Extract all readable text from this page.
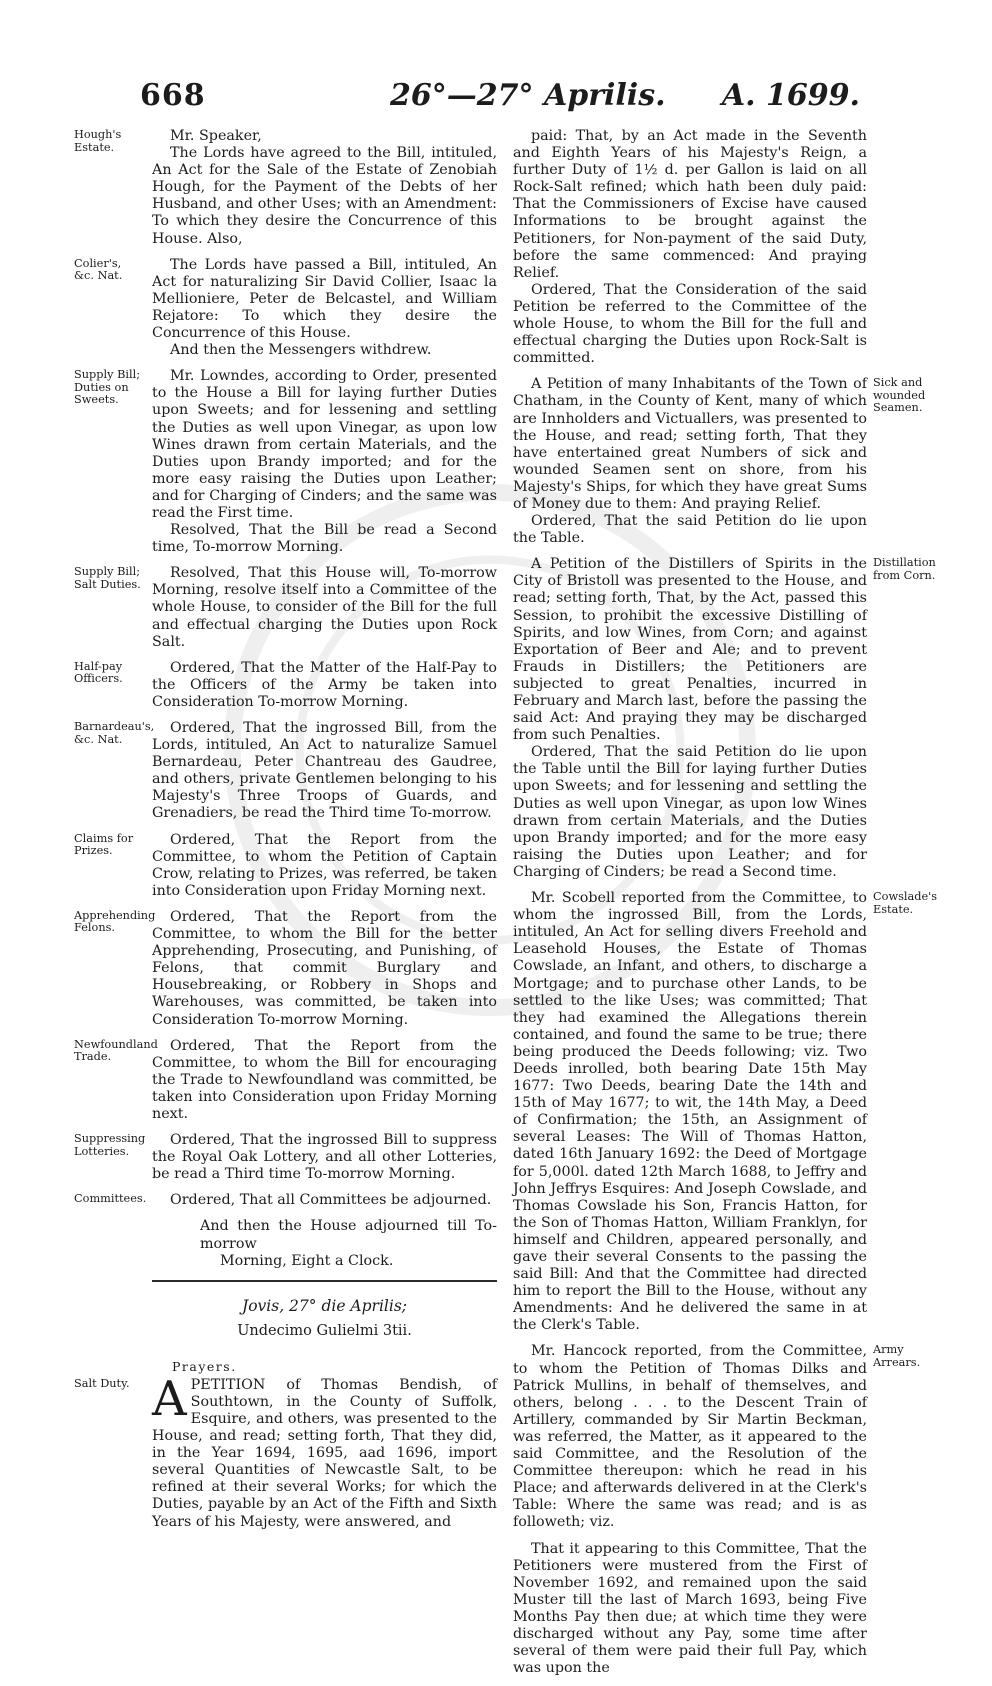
668	26°—27° Aprilis. A. 1699.
Hough's Estate.

Mr. Speaker,

The Lords have agreed to the Bill, intituled, An Act for the Sale of the Estate of Zenobiah Hough, for the Payment of the Debts of her Husband, and other Uses; with an Amendment: To which they desire the Concurrence of this House. Also,

Colier's, &c. Nat.

The Lords have passed a Bill, intituled, An Act for naturalizing Sir David Collier, Isaac la Mellioniere, Peter de Belcastel, and William Rejatore: To which they desire the Concurrence of this House.

And then the Messengers withdrew.

Supply Bill; Duties on Sweets.

Mr. Lowndes, according to Order, presented to the House a Bill for laying further Duties upon Sweets; and for lessening and settling the Duties as well upon Vinegar, as upon low Wines drawn from certain Materials, and the Duties upon Brandy imported; and for the more easy raising the Duties upon Leather; and for Charging of Cinders; and the same was read the First time.

Resolved, That the Bill be read a Second time, To-morrow Morning.

Supply Bill; Salt Duties.

Resolved, That this House will, To-morrow Morning, resolve itself into a Committee of the whole House, to consider of the Bill for the full and effectual charging the Duties upon Rock Salt.

Half-pay Officers.

Ordered, That the Matter of the Half-Pay to the Officers of the Army be taken into Consideration To-morrow Morning.

Barnardeau's, &c. Nat.

Ordered, That the ingrossed Bill, from the Lords, intituled, An Act to naturalize Samuel Bernardeau, Peter Chantreau des Gaudree, and others, private Gentlemen belonging to his Majesty's Three Troops of Guards, and Grenadiers, be read the Third time To-morrow.

Claims for Prizes.

Ordered, That the Report from the Committee, to whom the Petition of Captain Crow, relating to Prizes, was referred, be taken into Consideration upon Friday Morning next.

Apprehending Felons.

Ordered, That the Report from the Committee, to whom the Bill for the better Apprehending, Prosecuting, and Punishing, of Felons, that commit Burglary and Housebreaking, or Robbery in Shops and Warehouses, was committed, be taken into Consideration To-morrow Morning.

Newfoundland Trade.

Ordered, That the Report from the Committee, to whom the Bill for encouraging the Trade to Newfoundland was committed, be taken into Consideration upon Friday Morning next.

Suppressing Lotteries.

Ordered, That the ingrossed Bill to suppress the Royal Oak Lottery, and all other Lotteries, be read a Third time To-morrow Morning.

Committees.	Ordered, That all Committees be adjourned.

And then the House adjourned till To-morrow

Morning, Eight a Clock.

Jovis, 27° die Aprilis;

Undecimo Gulielmi 3tii.

Prayers.

Salt Duty. APETITION of Thomas Bendish, of Southtown, in the County of Suffolk, Esquire, and others, was presented to the House, and read; setting forth, That they did, in the Year 1694, 1695, aad 1696, import several Quantities of Newcastle Salt, to be refined at their several Works; for which the Duties, payable by an Act of the Fifth and Sixth Years of his Majesty, were answered, and

paid: That, by an Act made in the Seventh and Eighth Years of his Majesty's Reign, a further Duty of 1½ d. per Gallon is laid on all Rock-Salt refined; which hath been duly paid: That the Commissioners of Excise have caused Informations to be brought against the Petitioners, for Non-payment of the said Duty, before the same commenced: And praying Relief.

Ordered, That the Consideration of the said Petition be referred to the Committee of the whole House, to whom the Bill for the full and effectual charging the Duties upon Rock-Salt is committed.

Sick and wounded Seamen.

A Petition of many Inhabitants of the Town of Chatham, in the County of Kent, many of which are Innholders and Victuallers, was presented to the House, and read; setting forth, That they have entertained great Numbers of sick and wounded Seamen sent on shore, from his Majesty's Ships, for which they have great Sums of Money due to them: And praying Relief.

Ordered, That the said Petition do lie upon the Table.

Distillation from Corn.

A Petition of the Distillers of Spirits in the City of Bristoll was presented to the House, and read; setting forth, That, by the Act, passed this Session, to prohibit the excessive Distilling of Spirits, and low Wines, from Corn; and against Exportation of Beer and Ale; and to prevent Frauds in Distillers; the Petitioners are subjected to great Penalties, incurred in February and March last, before the passing the said Act: And praying they may be discharged from such Penalties.

Ordered, That the said Petition do lie upon the Table until the Bill for laying further Duties upon Sweets; and for lessening and settling the Duties as well upon Vinegar, as upon low Wines drawn from certain Materials, and the Duties upon Brandy imported; and for the more easy raising the Duties upon Leather; and for Charging of Cinders; be read a Second time.

Cowslade's Estate.

Mr. Scobell reported from the Committee, to whom the ingrossed Bill, from the Lords, intituled, An Act for selling divers Freehold and Leasehold Houses, the Estate of Thomas Cowslade, an Infant, and others, to discharge a Mortgage; and to purchase other Lands, to be settled to the like Uses; was committed; That they had examined the Allegations therein contained, and found the same to be true; there being produced the Deeds following; viz. Two Deeds inrolled, both bearing Date 15th May 1677: Two Deeds, bearing Date the 14th and 15th of May 1677; to wit, the 14th May, a Deed of Confirmation; the 15th, an Assignment of several Leases: The Will of Thomas Hatton, dated 16th January 1692: the Deed of Mortgage for 5,000l. dated 12th March 1688, to Jeffry and John Jeffrys Esquires: And Joseph Cowslade, and Thomas Cowslade his Son, Francis Hatton, for the Son of Thomas Hatton, William Franklyn, for himself and Children, appeared personally, and gave their several Consents to the passing the said Bill: And that the Committee had directed him to report the Bill to the House, without any Amendments: And he delivered the same in at the Clerk's Table.

Army Arrears.

Mr. Hancock reported, from the Committee, to whom the Petition of Thomas Dilks and Patrick Mullins, in behalf of themselves, and others, belong . . . to the Descent Train of Artillery, commanded by Sir Martin Beckman, was referred, the Matter, as it appeared to the said Committee, and the Resolution of the Committee thereupon: which he read in his Place; and afterwards delivered in at the Clerk's Table: Where the same was read; and is as followeth; viz.

That it appearing to this Committee, That the Petitioners were mustered from the First of November 1692, and remained upon the said Muster till the last of March 1693, being Five Months Pay then due; at which time they were discharged without any Pay, some time after several of them were paid their full Pay, which was upon the
